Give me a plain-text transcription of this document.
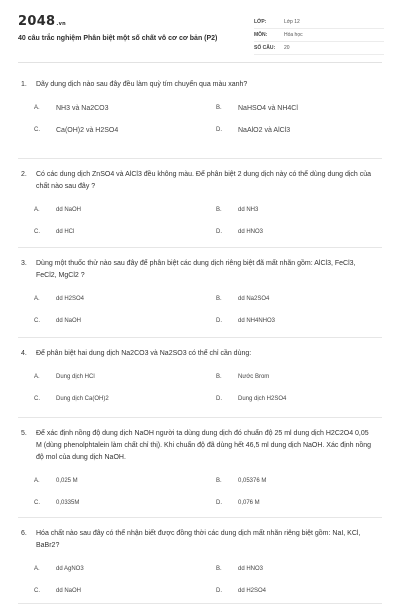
2048.vn
40 câu trắc nghiệm Phân biệt một số chất vô cơ cơ bản (P2)
LỚP:	Lớp 12
MÔN:	Hóa học
SỐ CÂU:	20
1.	Dãy dung dịch nào sau đây đều làm quỳ tím chuyển qua màu xanh?
A.	NH3 và Na2CO3	B.	NaHSO4 và NH4Cl
C.	Ca(OH)2 và H2SO4	D.	NaAlO2 và AlCl3
2.	Có các dung dịch ZnSO4 và AlCl3 đều không màu. Để phân biệt 2 dung dịch này có thể dùng dung dịch của chất nào sau đây ?
A.	dd NaOH	B.	dd NH3
C.	dd HCl	D.	dd HNO3
3.	Dùng một thuốc thử nào sau đây để phân biệt các dung dịch riêng biệt đã mất nhãn gồm: AlCl3, FeCl3, FeCl2, MgCl2 ?
A.	dd H2SO4	B.	dd Na2SO4
C.	dd NaOH	D.	dd NH4NHO3
4.	Để phân biệt hai dung dịch Na2CO3 và Na2SO3 có thể chỉ cần dùng:
A.	Dung dịch HCl	B.	Nước Brom
C.	Dung dịch Ca(OH)2	D.	Dung dịch H2SO4
5.	Để xác định nồng độ dung dịch NaOH người ta dùng dung dịch đó chuẩn độ 25 ml dung dịch H2C2O4 0,05 M (dùng phenolphtalein làm chất chỉ thị). Khi chuẩn độ đã dùng hết 46,5 ml dung dịch NaOH. Xác định nồng độ mol của dung dịch NaOH.
A.	0,025 M	B.	0,05376 M
C.	0,0335M	D.	0,076 M
6.	Hóa chất nào sau đây có thể nhận biết được đồng thời các dung dịch mất nhãn riêng biệt gồm: NaI, KCl, BaBr2?
A.	dd AgNO3	B.	dd HNO3
C.	dd NaOH	D.	dd H2SO4
